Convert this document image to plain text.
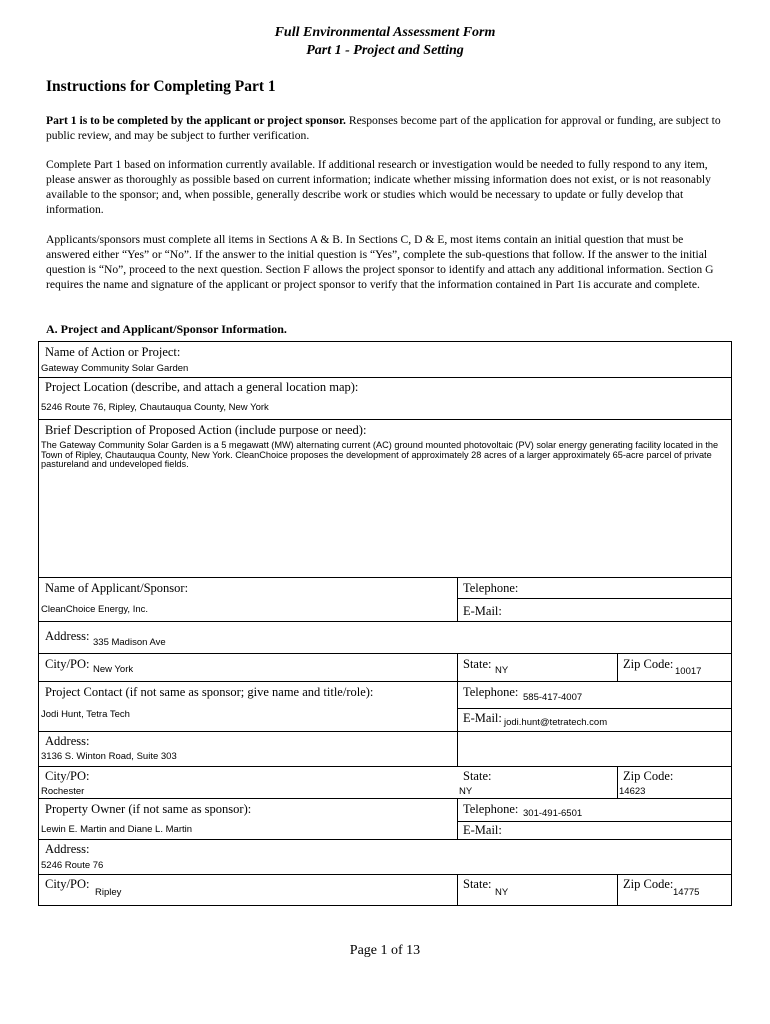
Full Environmental Assessment Form
Part 1 - Project and Setting
Instructions for Completing Part 1
Part 1 is to be completed by the applicant or project sponsor. Responses become part of the application for approval or funding, are subject to public review, and may be subject to further verification.
Complete Part 1 based on information currently available. If additional research or investigation would be needed to fully respond to any item, please answer as thoroughly as possible based on current information; indicate whether missing information does not exist, or is not reasonably available to the sponsor; and, when possible, generally describe work or studies which would be necessary to update or fully develop that information.
Applicants/sponsors must complete all items in Sections A & B. In Sections C, D & E, most items contain an initial question that must be answered either “Yes” or “No”. If the answer to the initial question is “Yes”, complete the sub-questions that follow. If the answer to the initial question is “No”, proceed to the next question. Section F allows the project sponsor to identify and attach any additional information. Section G requires the name and signature of the applicant or project sponsor to verify that the information contained in Part 1is accurate and complete.
A. Project and Applicant/Sponsor Information.
Name of Action or Project:
Gateway Community Solar Garden
Project Location (describe, and attach a general location map):
5246 Route 76, Ripley, Chautauqua County, New York
Brief Description of Proposed Action (include purpose or need):
The Gateway Community Solar Garden is a 5 megawatt (MW) alternating current (AC) ground mounted photovoltaic (PV) solar energy generating facility located in the Town of Ripley, Chautauqua County, New York. CleanChoice proposes the development of approximately 28 acres of a larger approximately 65-acre parcel of private pastureland and undeveloped fields.
Name of Applicant/Sponsor:
CleanChoice Energy, Inc.
Telephone:
E-Mail:
Address: 335 Madison Ave
City/PO: New York	State: NY	Zip Code:
10017
Project Contact (if not same as sponsor; give name and title/role):
Jodi Hunt, Tetra Tech
Telephone: 585-417-4007
E-Mail: jodi.hunt@tetratech.com
Address:
3136 S. Winton Road, Suite 303
City/PO:
Rochester
State:
NY
Zip Code:
14623
Property Owner (if not same as sponsor):
Lewin E. Martin and Diane L. Martin
Telephone: 301-491-6501
E-Mail:
Address:
5246 Route 76
City/PO:
Ripley
State:
NY
Zip Code:
14775
Page 1 of 13
